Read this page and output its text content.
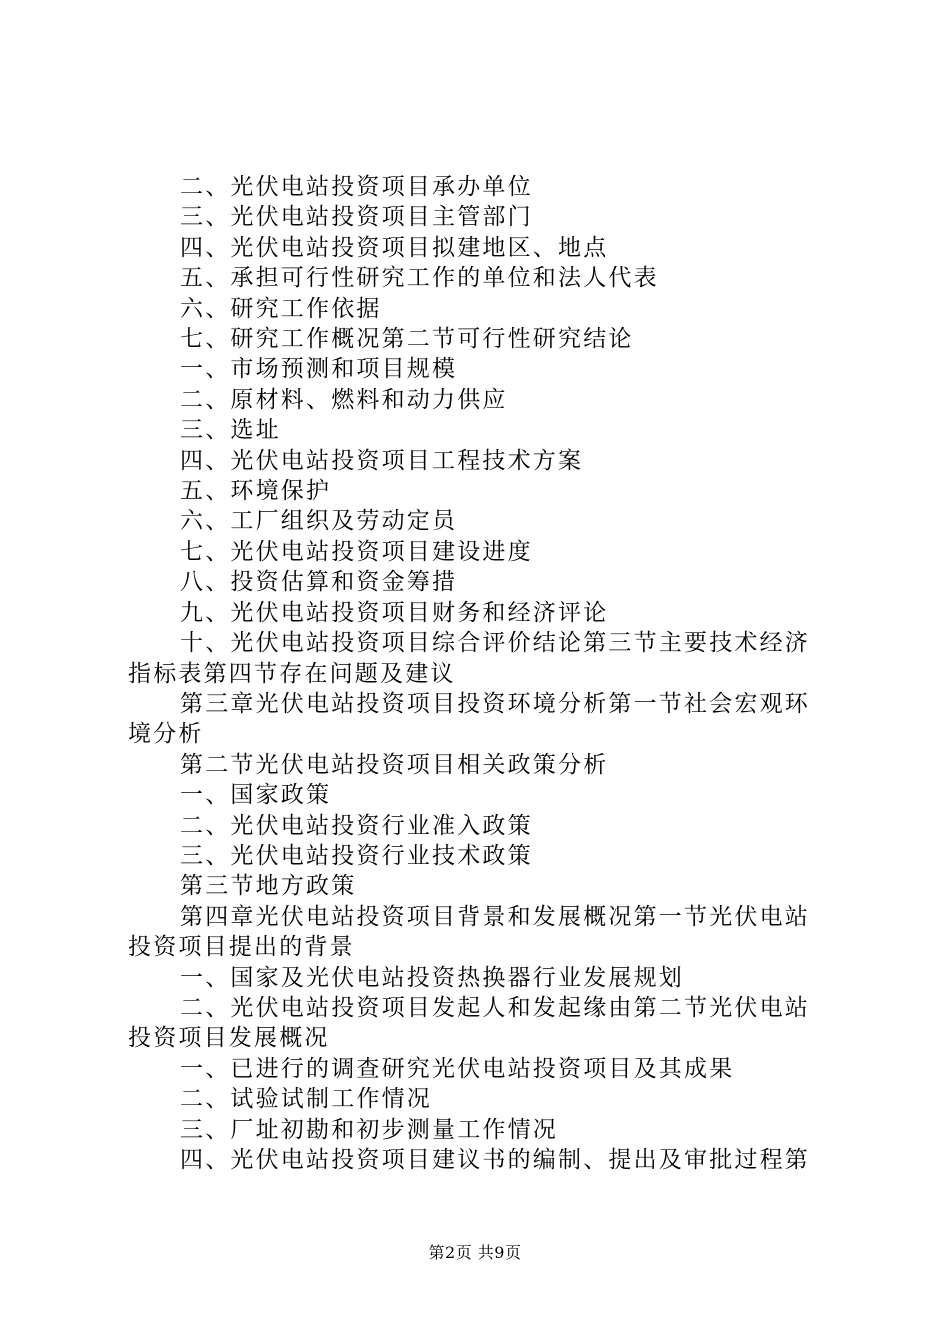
二、光伏电站投资项目承办单位
三、光伏电站投资项目主管部门
四、光伏电站投资项目拟建地区、地点
五、承担可行性研究工作的单位和法人代表
六、研究工作依据
七、研究工作概况第二节可行性研究结论
一、市场预测和项目规模
二、原材料、燃料和动力供应
三、选址
四、光伏电站投资项目工程技术方案
五、环境保护
六、工厂组织及劳动定员
七、光伏电站投资项目建设进度
八、投资估算和资金筹措
九、光伏电站投资项目财务和经济评论
十、光伏电站投资项目综合评价结论第三节主要技术经济指标表第四节存在问题及建议
第三章光伏电站投资项目投资环境分析第一节社会宏观环境分析
第二节光伏电站投资项目相关政策分析
一、国家政策
二、光伏电站投资行业准入政策
三、光伏电站投资行业技术政策
第三节地方政策
第四章光伏电站投资项目背景和发展概况第一节光伏电站投资项目提出的背景
一、国家及光伏电站投资热换器行业发展规划
二、光伏电站投资项目发起人和发起缘由第二节光伏电站投资项目发展概况
一、已进行的调查研究光伏电站投资项目及其成果
二、试验试制工作情况
三、厂址初勘和初步测量工作情况
四、光伏电站投资项目建议书的编制、提出及审批过程第
第2页 共9页
